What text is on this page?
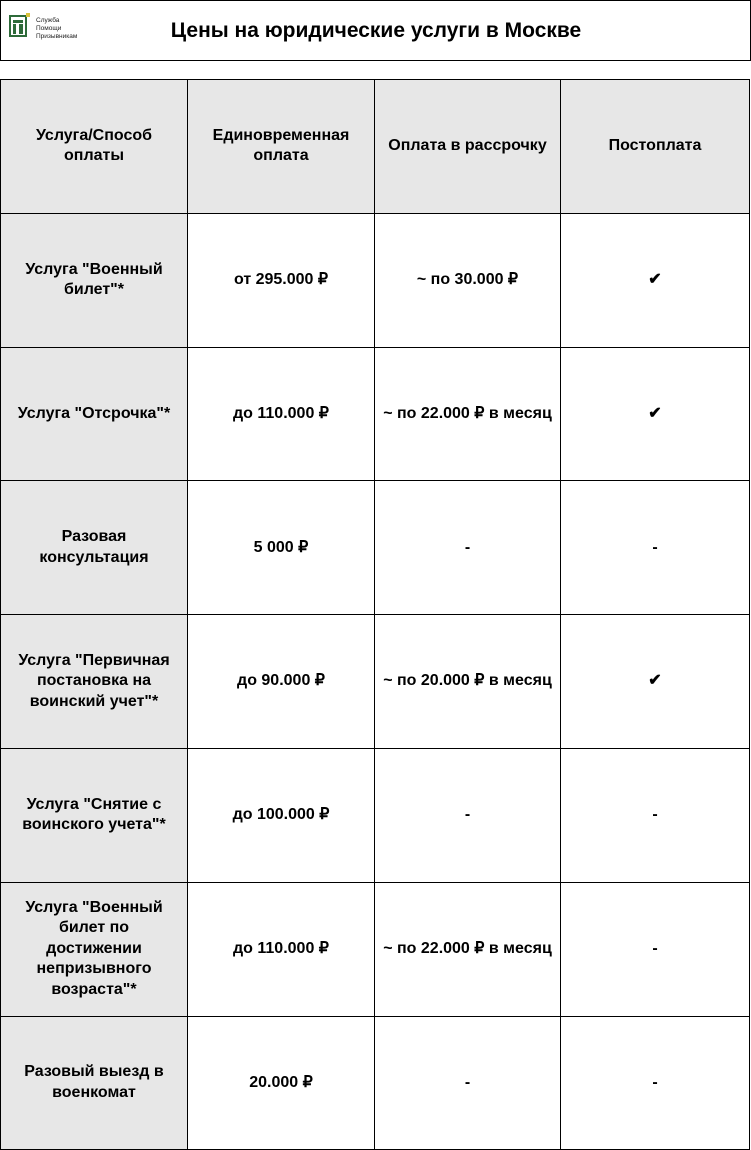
Служба
Помощи
Призывникам	Цены на юридические услуги в Москве
Услуга/Способ оплаты	Единовременная оплата	Оплата в рассрочку	Постоплата
Услуга "Военный билет"*	от 295.000 ₽	~ по 30.000 ₽	✔
Услуга "Отсрочка"*	до 110.000 ₽	~ по 22.000 ₽ в месяц	✔
Разовая консультация	5 000 ₽	-	-
Услуга "Первичная постановка на воинский учет"*	до 90.000 ₽	~ по 20.000 ₽ в месяц	✔
Услуга "Снятие с воинского учета"*	до 100.000 ₽	-	-
Услуга "Военный билет по достижении непризывного возраста"*	до 110.000 ₽	~ по 22.000 ₽ в месяц	-
Разовый выезд в военкомат	20.000 ₽	-	-
